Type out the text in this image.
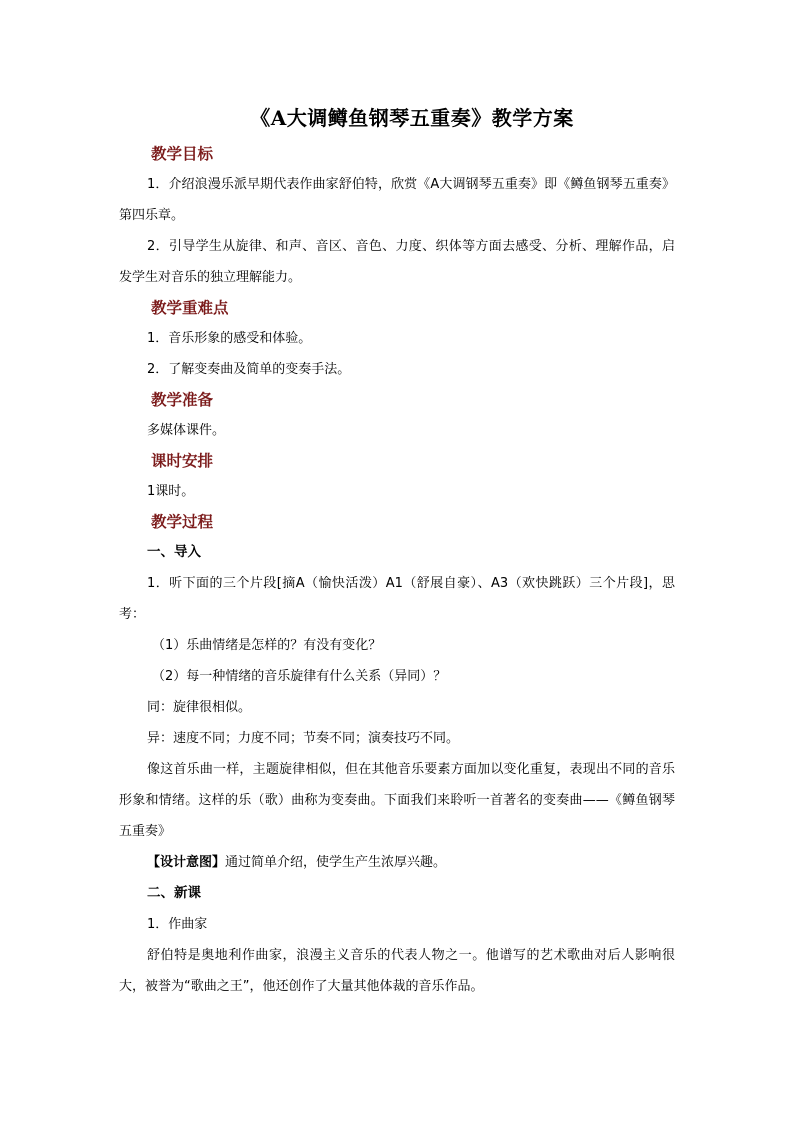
《A大调鳟鱼钢琴五重奏》教学方案
教学目标

1．介绍浪漫乐派早期代表作曲家舒伯特，欣赏《A大调钢琴五重奏》即《鳟鱼钢琴五重奏》第四乐章。

2．引导学生从旋律、和声、音区、音色、力度、织体等方面去感受、分析、理解作品，启发学生对音乐的独立理解能力。

教学重难点

1．音乐形象的感受和体验。

2．了解变奏曲及简单的变奏手法。

教学准备

多媒体课件。

课时安排

1课时。

教学过程
一、导入

1．听下面的三个片段[摘A（愉快活泼）A1（舒展自豪）、A3（欢快跳跃）三个片段]，思考：

（1）乐曲情绪是怎样的？有没有变化？

（2）每一种情绪的音乐旋律有什么关系（异同）？

同：旋律很相似。

异：速度不同；力度不同；节奏不同；演奏技巧不同。

像这首乐曲一样，主题旋律相似，但在其他音乐要素方面加以变化重复，表现出不同的音乐形象和情绪。这样的乐（歌）曲称为变奏曲。下面我们来聆听一首著名的变奏曲——《鳟鱼钢琴五重奏》

【设计意图】通过简单介绍，使学生产生浓厚兴趣。

二、新课

1．作曲家

舒伯特是奥地利作曲家，浪漫主义音乐的代表人物之一。他谱写的艺术歌曲对后人影响很大，被誉为“歌曲之王”，他还创作了大量其他体裁的音乐作品。
